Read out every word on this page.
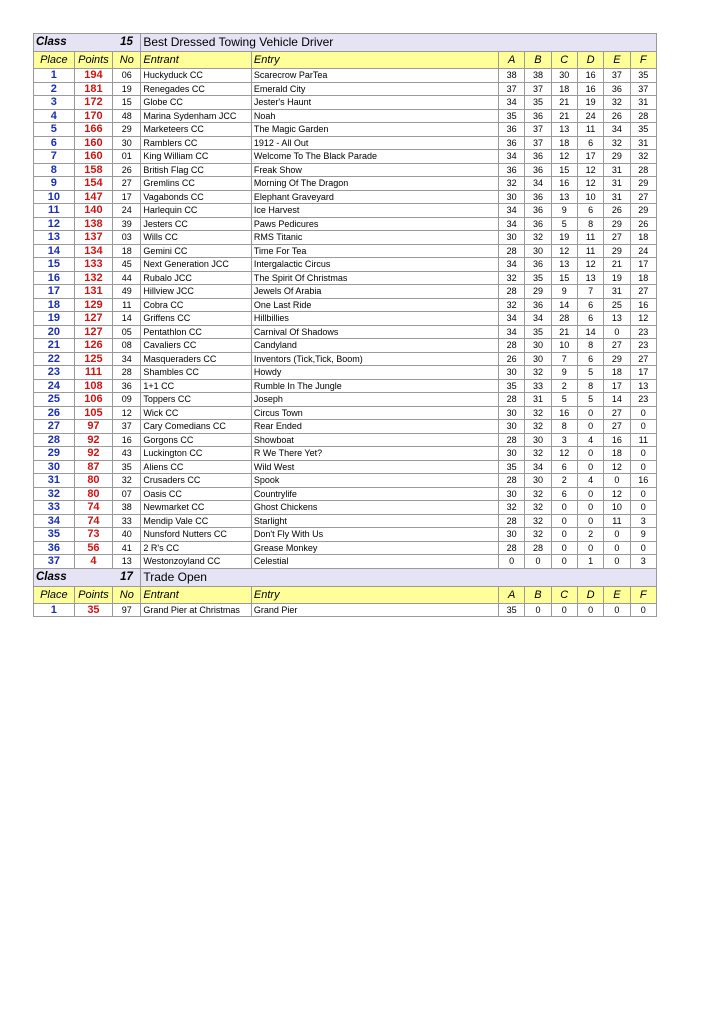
Class		15	Best Dressed Towing Vehicle Driver							
Place	Points	No	Entrant	Entry	A	B	C	D	E	F
1	194	06	Huckyduck CC	Scarecrow ParTea	38	38	30	16	37	35
2	181	19	Renegades CC	Emerald City	37	37	18	16	36	37
3	172	15	Globe CC	Jester's Haunt	34	35	21	19	32	31
4	170	48	Marina Sydenham JCC	Noah	35	36	21	24	26	28
5	166	29	Marketeers CC	The Magic Garden	36	37	13	11	34	35
6	160	30	Ramblers CC	1912 - All Out	36	37	18	6	32	31
7	160	01	King William CC	Welcome To The Black Parade	34	36	12	17	29	32
8	158	26	British Flag CC	Freak Show	36	36	15	12	31	28
9	154	27	Gremlins CC	Morning Of The Dragon	32	34	16	12	31	29
10	147	17	Vagabonds CC	Elephant Graveyard	30	36	13	10	31	27
11	140	24	Harlequin CC	Ice Harvest	34	36	9	6	26	29
12	138	39	Jesters CC	Paws Pedicures	34	36	5	8	29	26
13	137	03	Wills CC	RMS Titanic	30	32	19	11	27	18
14	134	18	Gemini CC	Time For Tea	28	30	12	11	29	24
15	133	45	Next Generation JCC	Intergalactic Circus	34	36	13	12	21	17
16	132	44	Rubalo JCC	The Spirit Of Christmas	32	35	15	13	19	18
17	131	49	Hillview JCC	Jewels Of Arabia	28	29	9	7	31	27
18	129	11	Cobra CC	One Last Ride	32	36	14	6	25	16
19	127	14	Griffens CC	Hillbillies	34	34	28	6	13	12
20	127	05	Pentathlon CC	Carnival Of Shadows	34	35	21	14	0	23
21	126	08	Cavaliers CC	Candyland	28	30	10	8	27	23
22	125	34	Masqueraders CC	Inventors (Tick,Tick, Boom)	26	30	7	6	29	27
23	111	28	Shambles CC	Howdy	30	32	9	5	18	17
24	108	36	1+1 CC	Rumble In The Jungle	35	33	2	8	17	13
25	106	09	Toppers CC	Joseph	28	31	5	5	14	23
26	105	12	Wick CC	Circus Town	30	32	16	0	27	0
27	97	37	Cary Comedians CC	Rear Ended	30	32	8	0	27	0
28	92	16	Gorgons CC	Showboat	28	30	3	4	16	11
29	92	43	Luckington CC	R We There Yet?	30	32	12	0	18	0
30	87	35	Aliens CC	Wild West	35	34	6	0	12	0
31	80	32	Crusaders CC	Spook	28	30	2	4	0	16
32	80	07	Oasis CC	Countrylife	30	32	6	0	12	0
33	74	38	Newmarket CC	Ghost Chickens	32	32	0	0	10	0
34	74	33	Mendip Vale CC	Starlight	28	32	0	0	11	3
35	73	40	Nunsford Nutters CC	Don't Fly With Us	30	32	0	2	0	9
36	56	41	2 R's CC	Grease Monkey	28	28	0	0	0	0
37	4	13	Westonzoyland CC	Celestial	0	0	0	1	0	3
Class		17	Trade Open							
Place	Points	No	Entrant	Entry	A	B	C	D	E	F
1	35	97	Grand Pier at Christmas	Grand Pier	35	0	0	0	0	0
